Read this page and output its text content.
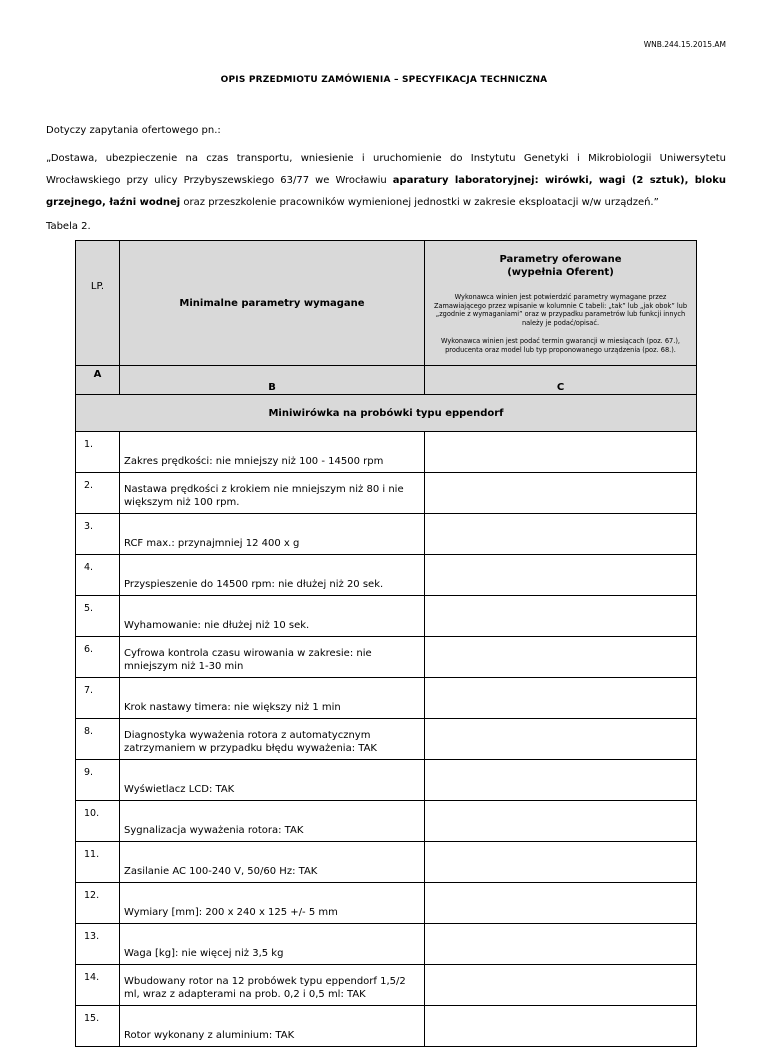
WNB.244.15.2015.AM
OPIS PRZEDMIOTU ZAMÓWIENIA – SPECYFIKACJA TECHNICZNA
Dotyczy zapytania ofertowego pn.:
„Dostawa, ubezpieczenie na czas transportu, wniesienie i uruchomienie do Instytutu Genetyki i Mikrobiologii Uniwersytetu Wrocławskiego przy ulicy Przybyszewskiego 63/77 we Wrocławiu aparatury laboratoryjnej: wirówki, wagi (2 sztuk), bloku grzejnego, łaźni wodnej oraz przeszkolenie pracowników wymienionej jednostki w zakresie eksploatacji w/w urządzeń.”
Tabela 2.
LP.	Minimalne parametry wymagane	Parametry oferowane
(wypełnia Oferent)
Wykonawca winien jest potwierdzić parametry wymagane przez Zamawiającego przez wpisanie w kolumnie C tabeli: „tak” lub „jak obok” lub „zgodnie z wymaganiami” oraz w przypadku parametrów lub funkcji innych należy je podać/opisać.
Wykonawca winien jest podać termin gwarancji w miesiącach (poz. 67.), producenta oraz model lub typ proponowanego urządzenia (poz. 68.).

A	B	C
Miniwirówka na probówki typu eppendorf		
1.	Zakres prędkości: nie mniejszy niż 100 - 14500 rpm	
2.	Nastawa prędkości z krokiem nie mniejszym niż 80 i nie większym niż 100 rpm.	
3.	RCF max.: przynajmniej 12 400 x g	
4.	Przyspieszenie do 14500 rpm: nie dłużej niż 20 sek.	
5.	Wyhamowanie: nie dłużej niż 10 sek.	
6.	Cyfrowa kontrola czasu wirowania w zakresie: nie mniejszym niż 1-30 min	
7.	Krok nastawy timera: nie większy niż 1 min	
8.	Diagnostyka wyważenia rotora z automatycznym zatrzymaniem w przypadku błędu wyważenia: TAK	
9.	Wyświetlacz LCD: TAK	
10.	Sygnalizacja wyważenia rotora: TAK	
11.	Zasilanie AC 100-240 V, 50/60 Hz: TAK	
12.	Wymiary [mm]: 200 x 240 x 125 +/- 5 mm	
13.	Waga [kg]: nie więcej niż 3,5 kg	
14.	Wbudowany rotor na 12 probówek typu eppendorf 1,5/2 ml, wraz z adapterami na prob. 0,2 i 0,5 ml: TAK	
15.	Rotor wykonany z aluminium: TAK	
